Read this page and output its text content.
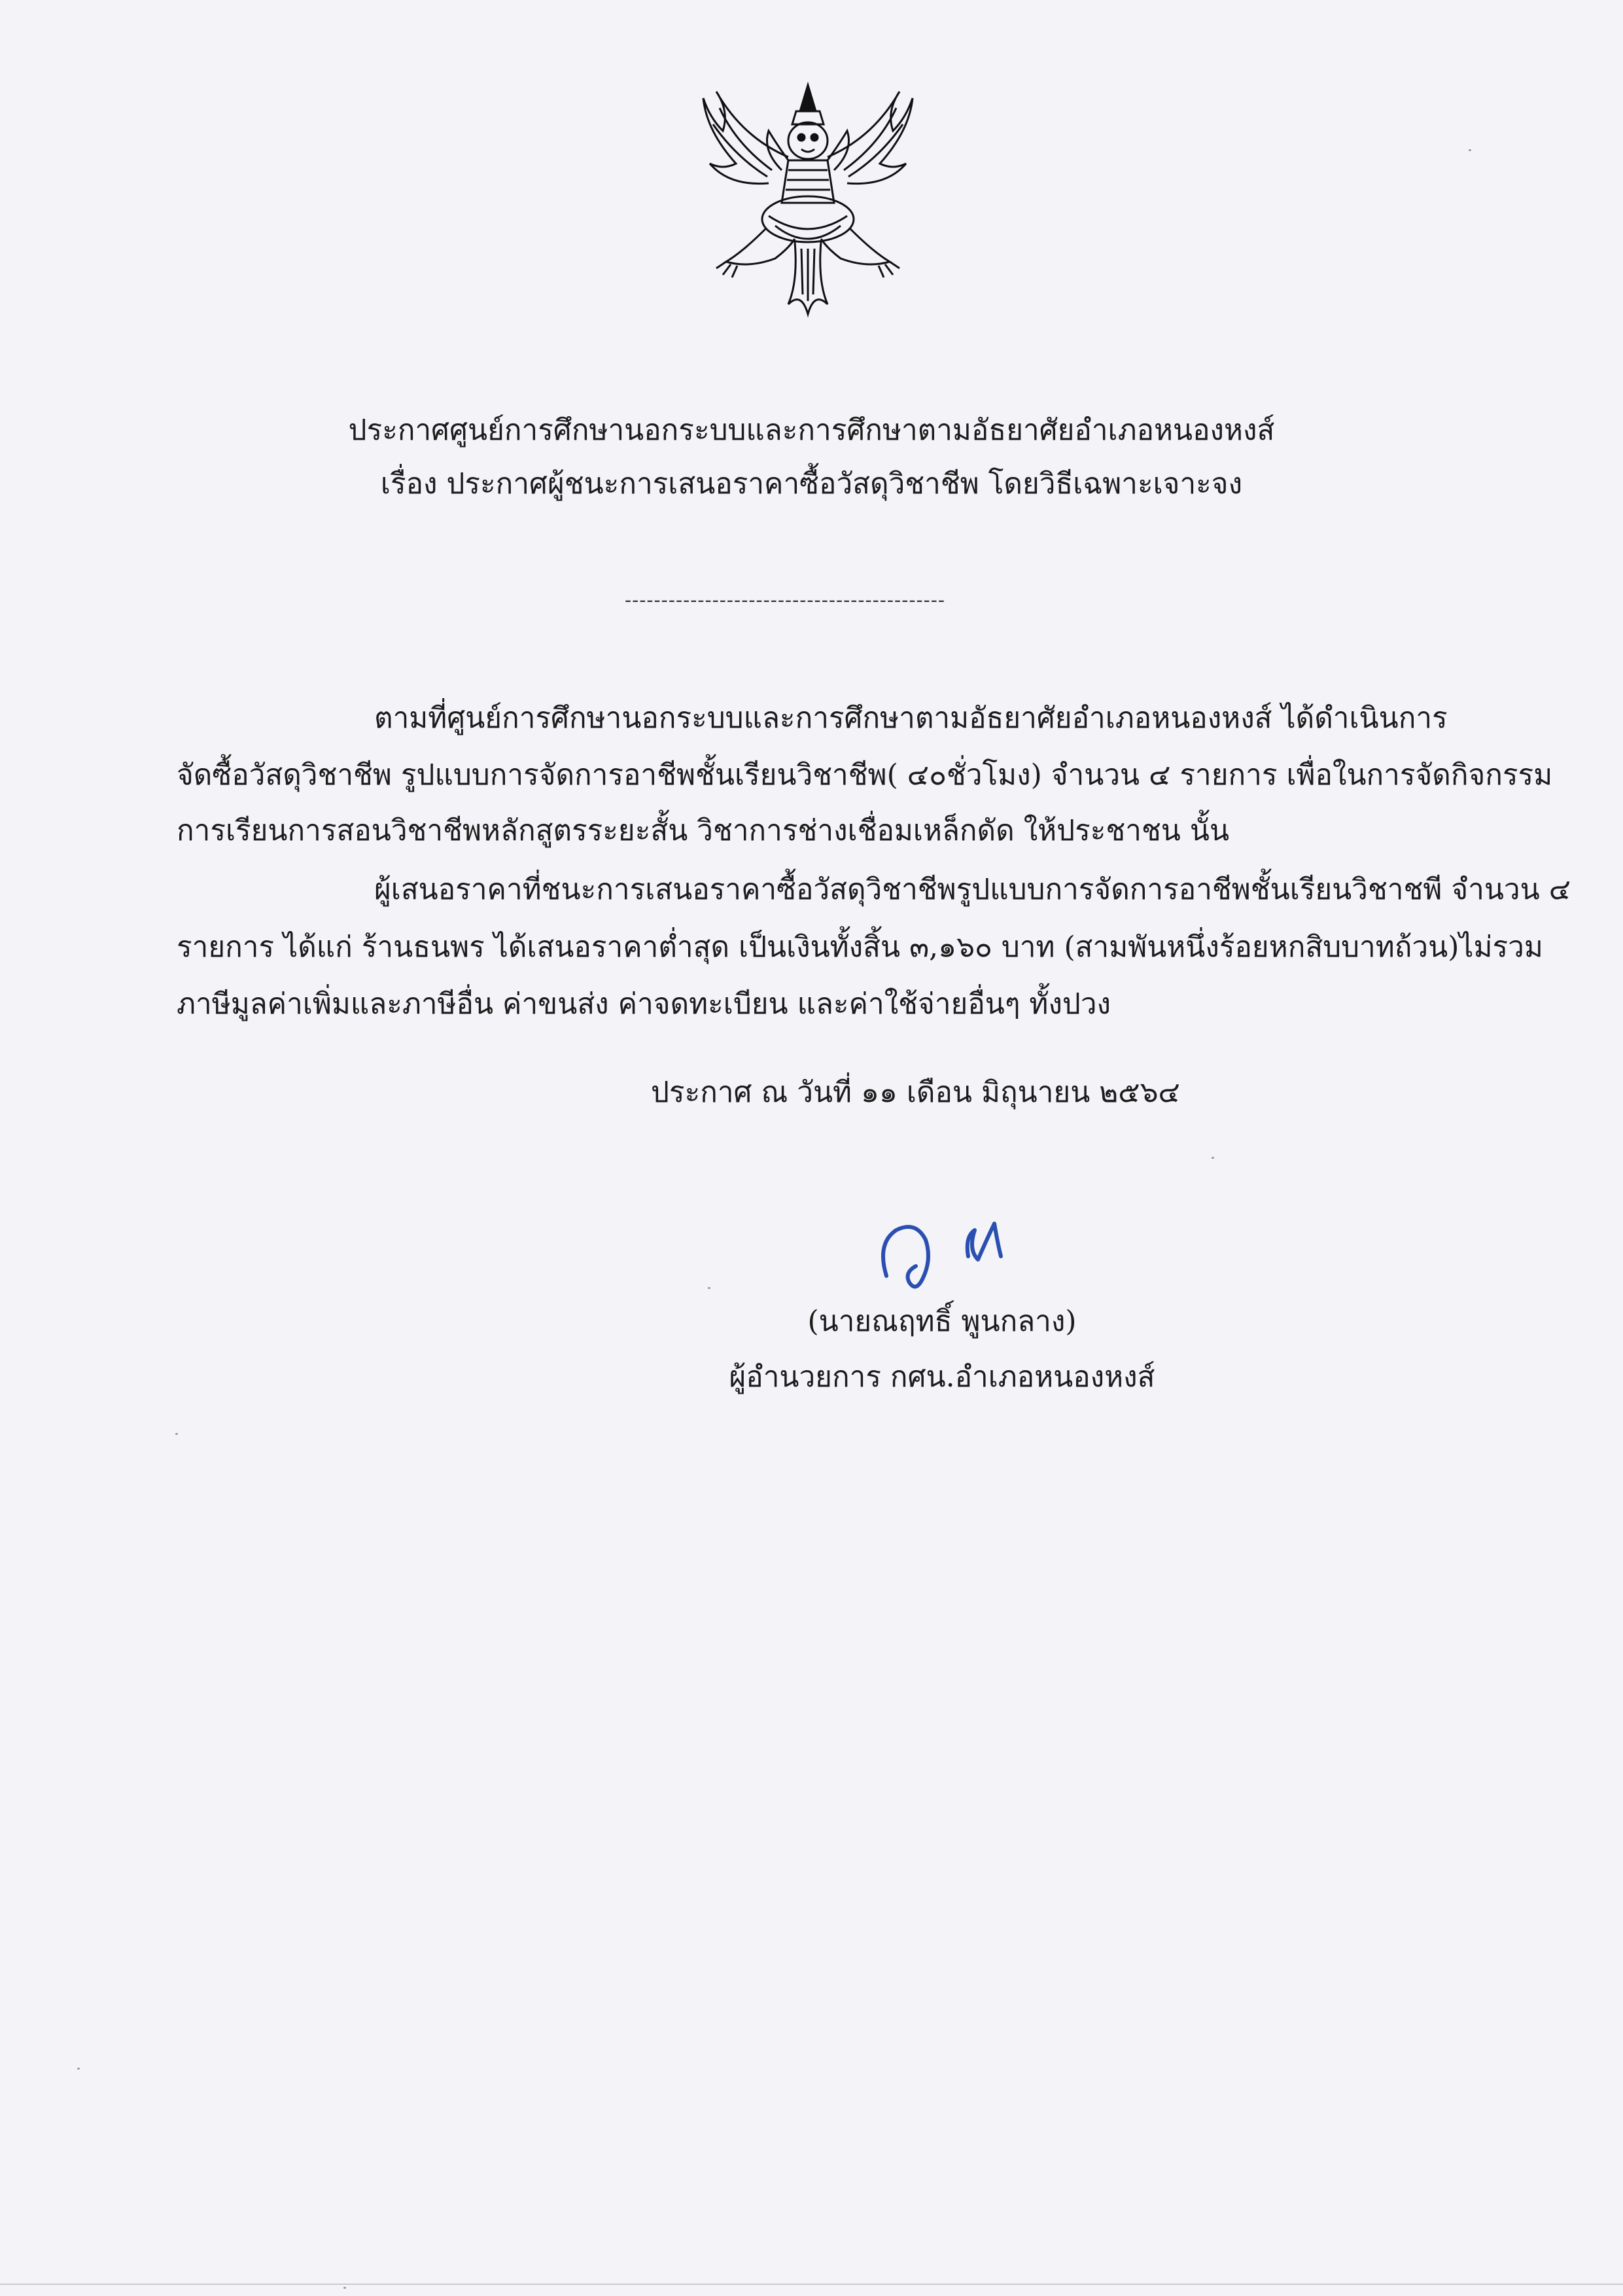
ประกาศศูนย์การศึกษานอกระบบและการศึกษาตามอัธยาศัยอำเภอหนองหงส์
เรื่อง ประกาศผู้ชนะการเสนอราคาซื้อวัสดุวิชาชีพ โดยวิธีเฉพาะเจาะจง
--------------------------------------------
ตามที่ศูนย์การศึกษานอกระบบและการศึกษาตามอัธยาศัยอำเภอหนองหงส์ ได้ดำเนินการ
จัดซื้อวัสดุวิชาชีพ รูปแบบการจัดการอาชีพชั้นเรียนวิชาชีพ( ๔๐ชั่วโมง) จำนวน ๔ รายการ เพื่อในการจัดกิจกรรม
การเรียนการสอนวิชาชีพหลักสูตรระยะสั้น วิชาการช่างเชื่อมเหล็กดัด ให้ประชาชน นั้น
ผู้เสนอราคาที่ชนะการเสนอราคาซื้อวัสดุวิชาชีพรูปแบบการจัดการอาชีพชั้นเรียนวิชาชพี จำนวน ๔
รายการ ได้แก่ ร้านธนพร ได้เสนอราคาต่ำสุด เป็นเงินทั้งสิ้น ๓,๑๖๐ บาท (สามพันหนึ่งร้อยหกสิบบาทถ้วน)ไม่รวม
ภาษีมูลค่าเพิ่มและภาษีอื่น ค่าขนส่ง ค่าจดทะเบียน และค่าใช้จ่ายอื่นๆ ทั้งปวง
ประกาศ ณ วันที่ ๑๑ เดือน มิถุนายน ๒๕๖๔
(นายณฤทธิ์ พูนกลาง)
ผู้อำนวยการ กศน.อำเภอหนองหงส์
